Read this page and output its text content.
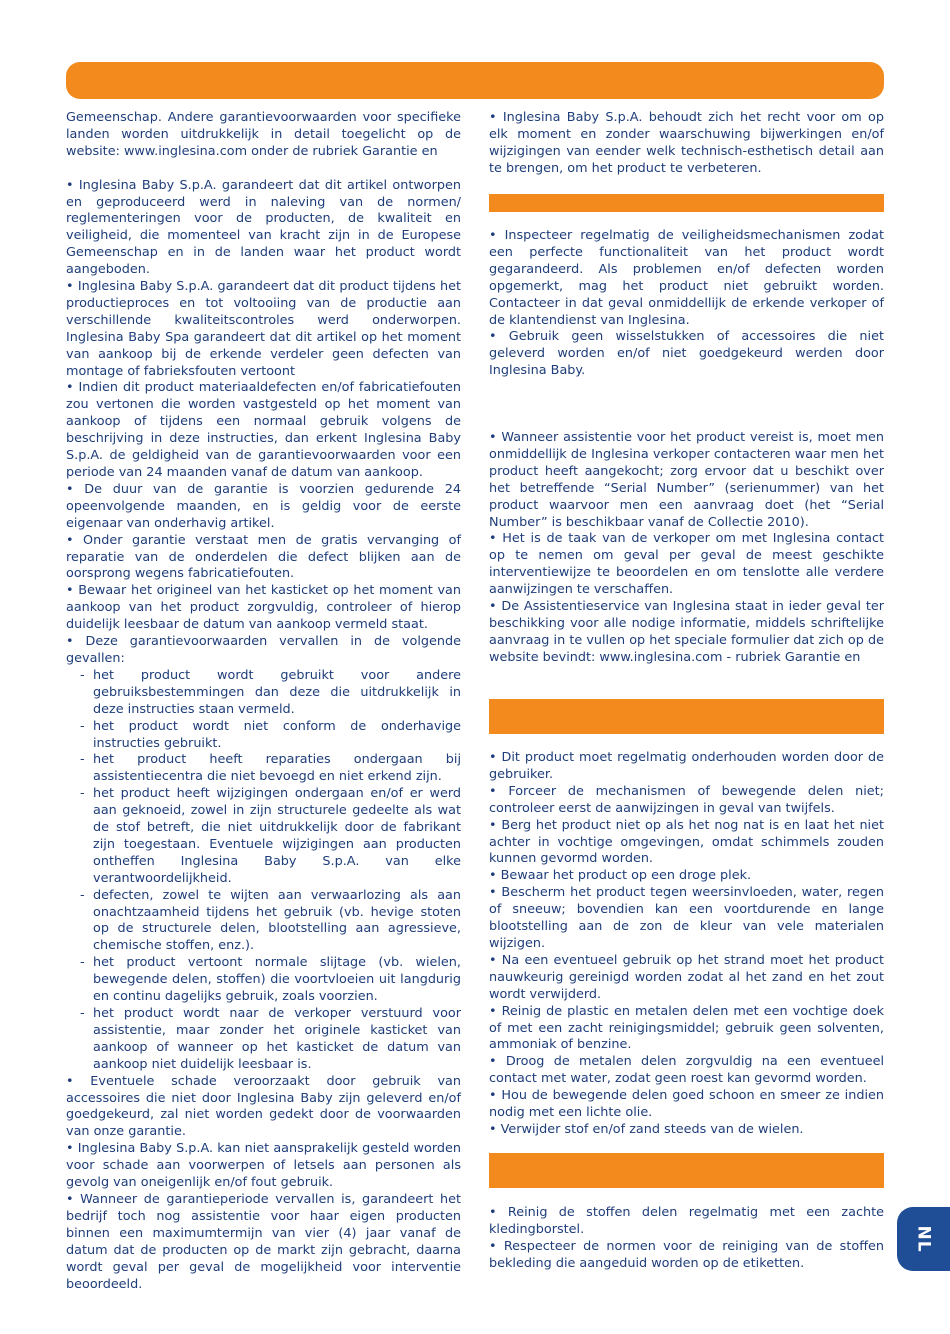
Gemeenschap. Andere garantievoorwaarden voor specifieke landen worden uitdrukkelijk in detail toegelicht op de website: www.inglesina.com onder de rubriek Garantie en

• Inglesina Baby S.p.A. garandeert dat dit artikel ontworpen en geproduceerd werd in naleving van de normen/ reglementeringen voor de producten, de kwaliteit en veiligheid, die momenteel van kracht zijn in de Europese Gemeenschap en in de landen waar het product wordt aangeboden.

• Inglesina Baby S.p.A. garandeert dat dit product tijdens het productieproces en tot voltooiing van de productie aan verschillende kwaliteitscontroles werd onderworpen. Inglesina Baby Spa garandeert dat dit artikel op het moment van aankoop bij de erkende verdeler geen defecten van montage of fabrieksfouten vertoont

• Indien dit product materiaaldefecten en/of fabricatiefouten zou vertonen die worden vastgesteld op het moment van aankoop of tijdens een normaal gebruik volgens de beschrijving in deze instructies, dan erkent Inglesina Baby S.p.A. de geldigheid van de garantievoorwaarden voor een periode van 24 maanden vanaf de datum van aankoop.

• De duur van de garantie is voorzien gedurende 24 opeenvolgende maanden, en is geldig voor de eerste eigenaar van onderhavig artikel.

• Onder garantie verstaat men de gratis vervanging of reparatie van de onderdelen die defect blijken aan de oorsprong wegens fabricatiefouten.

• Bewaar het origineel van het kasticket op het moment van aankoop van het product zorgvuldig, controleer of hierop duidelijk leesbaar de datum van aankoop vermeld staat.

• Deze garantievoorwaarden vervallen in de volgende gevallen:

- het product wordt gebruikt voor andere gebruiksbestemmingen dan deze die uitdrukkelijk in deze instructies staan vermeld.

- het product wordt niet conform de onderhavige instructies gebruikt.

- het product heeft reparaties ondergaan bij assistentiecentra die niet bevoegd en niet erkend zijn.

- het product heeft wijzigingen ondergaan en/of er werd aan geknoeid, zowel in zijn structurele gedeelte als wat de stof betreft, die niet uitdrukkelijk door de fabrikant zijn toegestaan. Eventuele wijzigingen aan producten ontheffen Inglesina Baby S.p.A. van elke verantwoordelijkheid.

- defecten, zowel te wijten aan verwaarlozing als aan onachtzaamheid tijdens het gebruik (vb. hevige stoten op de structurele delen, blootstelling aan agressieve, chemische stoffen, enz.).

- het product vertoont normale slijtage (vb. wielen, bewegende delen, stoffen) die voortvloeien uit langdurig en continu dagelijks gebruik, zoals voorzien.

- het product wordt naar de verkoper verstuurd voor assistentie, maar zonder het originele kasticket van aankoop of wanneer op het kasticket de datum van aankoop niet duidelijk leesbaar is.

• Eventuele schade veroorzaakt door gebruik van accessoires die niet door Inglesina Baby zijn geleverd en/of goedgekeurd, zal niet worden gedekt door de voorwaarden van onze garantie.

• Inglesina Baby S.p.A. kan niet aansprakelijk gesteld worden voor schade aan voorwerpen of letsels aan personen als gevolg van oneigenlijk en/of fout gebruik.

• Wanneer de garantieperiode vervallen is, garandeert het bedrijf toch nog assistentie voor haar eigen producten binnen een maximumtermijn van vier (4) jaar vanaf de datum dat de producten op de markt zijn gebracht, daarna wordt geval per geval de mogelijkheid voor interventie beoordeeld.

• Inglesina Baby S.p.A. behoudt zich het recht voor om op elk moment en zonder waarschuwing bijwerkingen en/of wijzigingen van eender welk technisch-esthetisch detail aan te brengen, om het product te verbeteren.

• Inspecteer regelmatig de veiligheidsmechanismen zodat een perfecte functionaliteit van het product wordt gegarandeerd. Als problemen en/of defecten worden opgemerkt, mag het product niet gebruikt worden. Contacteer in dat geval onmiddellijk de erkende verkoper of de klantendienst van Inglesina.

• Gebruik geen wisselstukken of accessoires die niet geleverd worden en/of niet goedgekeurd werden door Inglesina Baby.

• Wanneer assistentie voor het product vereist is, moet men onmiddellijk de Inglesina verkoper contacteren waar men het product heeft aangekocht; zorg ervoor dat u beschikt over het betreffende “Serial Number” (serienummer) van het product waarvoor men een aanvraag doet (het “Serial Number” is beschikbaar vanaf de Collectie 2010).

• Het is de taak van de verkoper om met Inglesina contact op te nemen om geval per geval de meest geschikte interventiewijze te beoordelen en om tenslotte alle verdere aanwijzingen te verschaffen.

• De Assistentieservice van Inglesina staat in ieder geval ter beschikking voor alle nodige informatie, middels schriftelijke aanvraag in te vullen op het speciale formulier dat zich op de website bevindt: www.inglesina.com - rubriek Garantie en

• Dit product moet regelmatig onderhouden worden door de gebruiker.

• Forceer de mechanismen of bewegende delen niet; controleer eerst de aanwijzingen in geval van twijfels.

• Berg het product niet op als het nog nat is en laat het niet achter in vochtige omgevingen, omdat schimmels zouden kunnen gevormd worden.

• Bewaar het product op een droge plek.

• Bescherm het product tegen weersinvloeden, water, regen of sneeuw; bovendien kan een voortdurende en lange blootstelling aan de zon de kleur van vele materialen wijzigen.

• Na een eventueel gebruik op het strand moet het product nauwkeurig gereinigd worden zodat al het zand en het zout wordt verwijderd.

• Reinig de plastic en metalen delen met een vochtige doek of met een zacht reinigingsmiddel; gebruik geen solventen, ammoniak of benzine.

• Droog de metalen delen zorgvuldig na een eventueel contact met water, zodat geen roest kan gevormd worden.

• Hou de bewegende delen goed schoon en smeer ze indien nodig met een lichte olie.

• Verwijder stof en/of zand steeds van de wielen.

• Reinig de stoffen delen regelmatig met een zachte kledingborstel.

• Respecteer de normen voor de reiniging van de stoffen bekleding die aangeduid worden op de etiketten.

NL
